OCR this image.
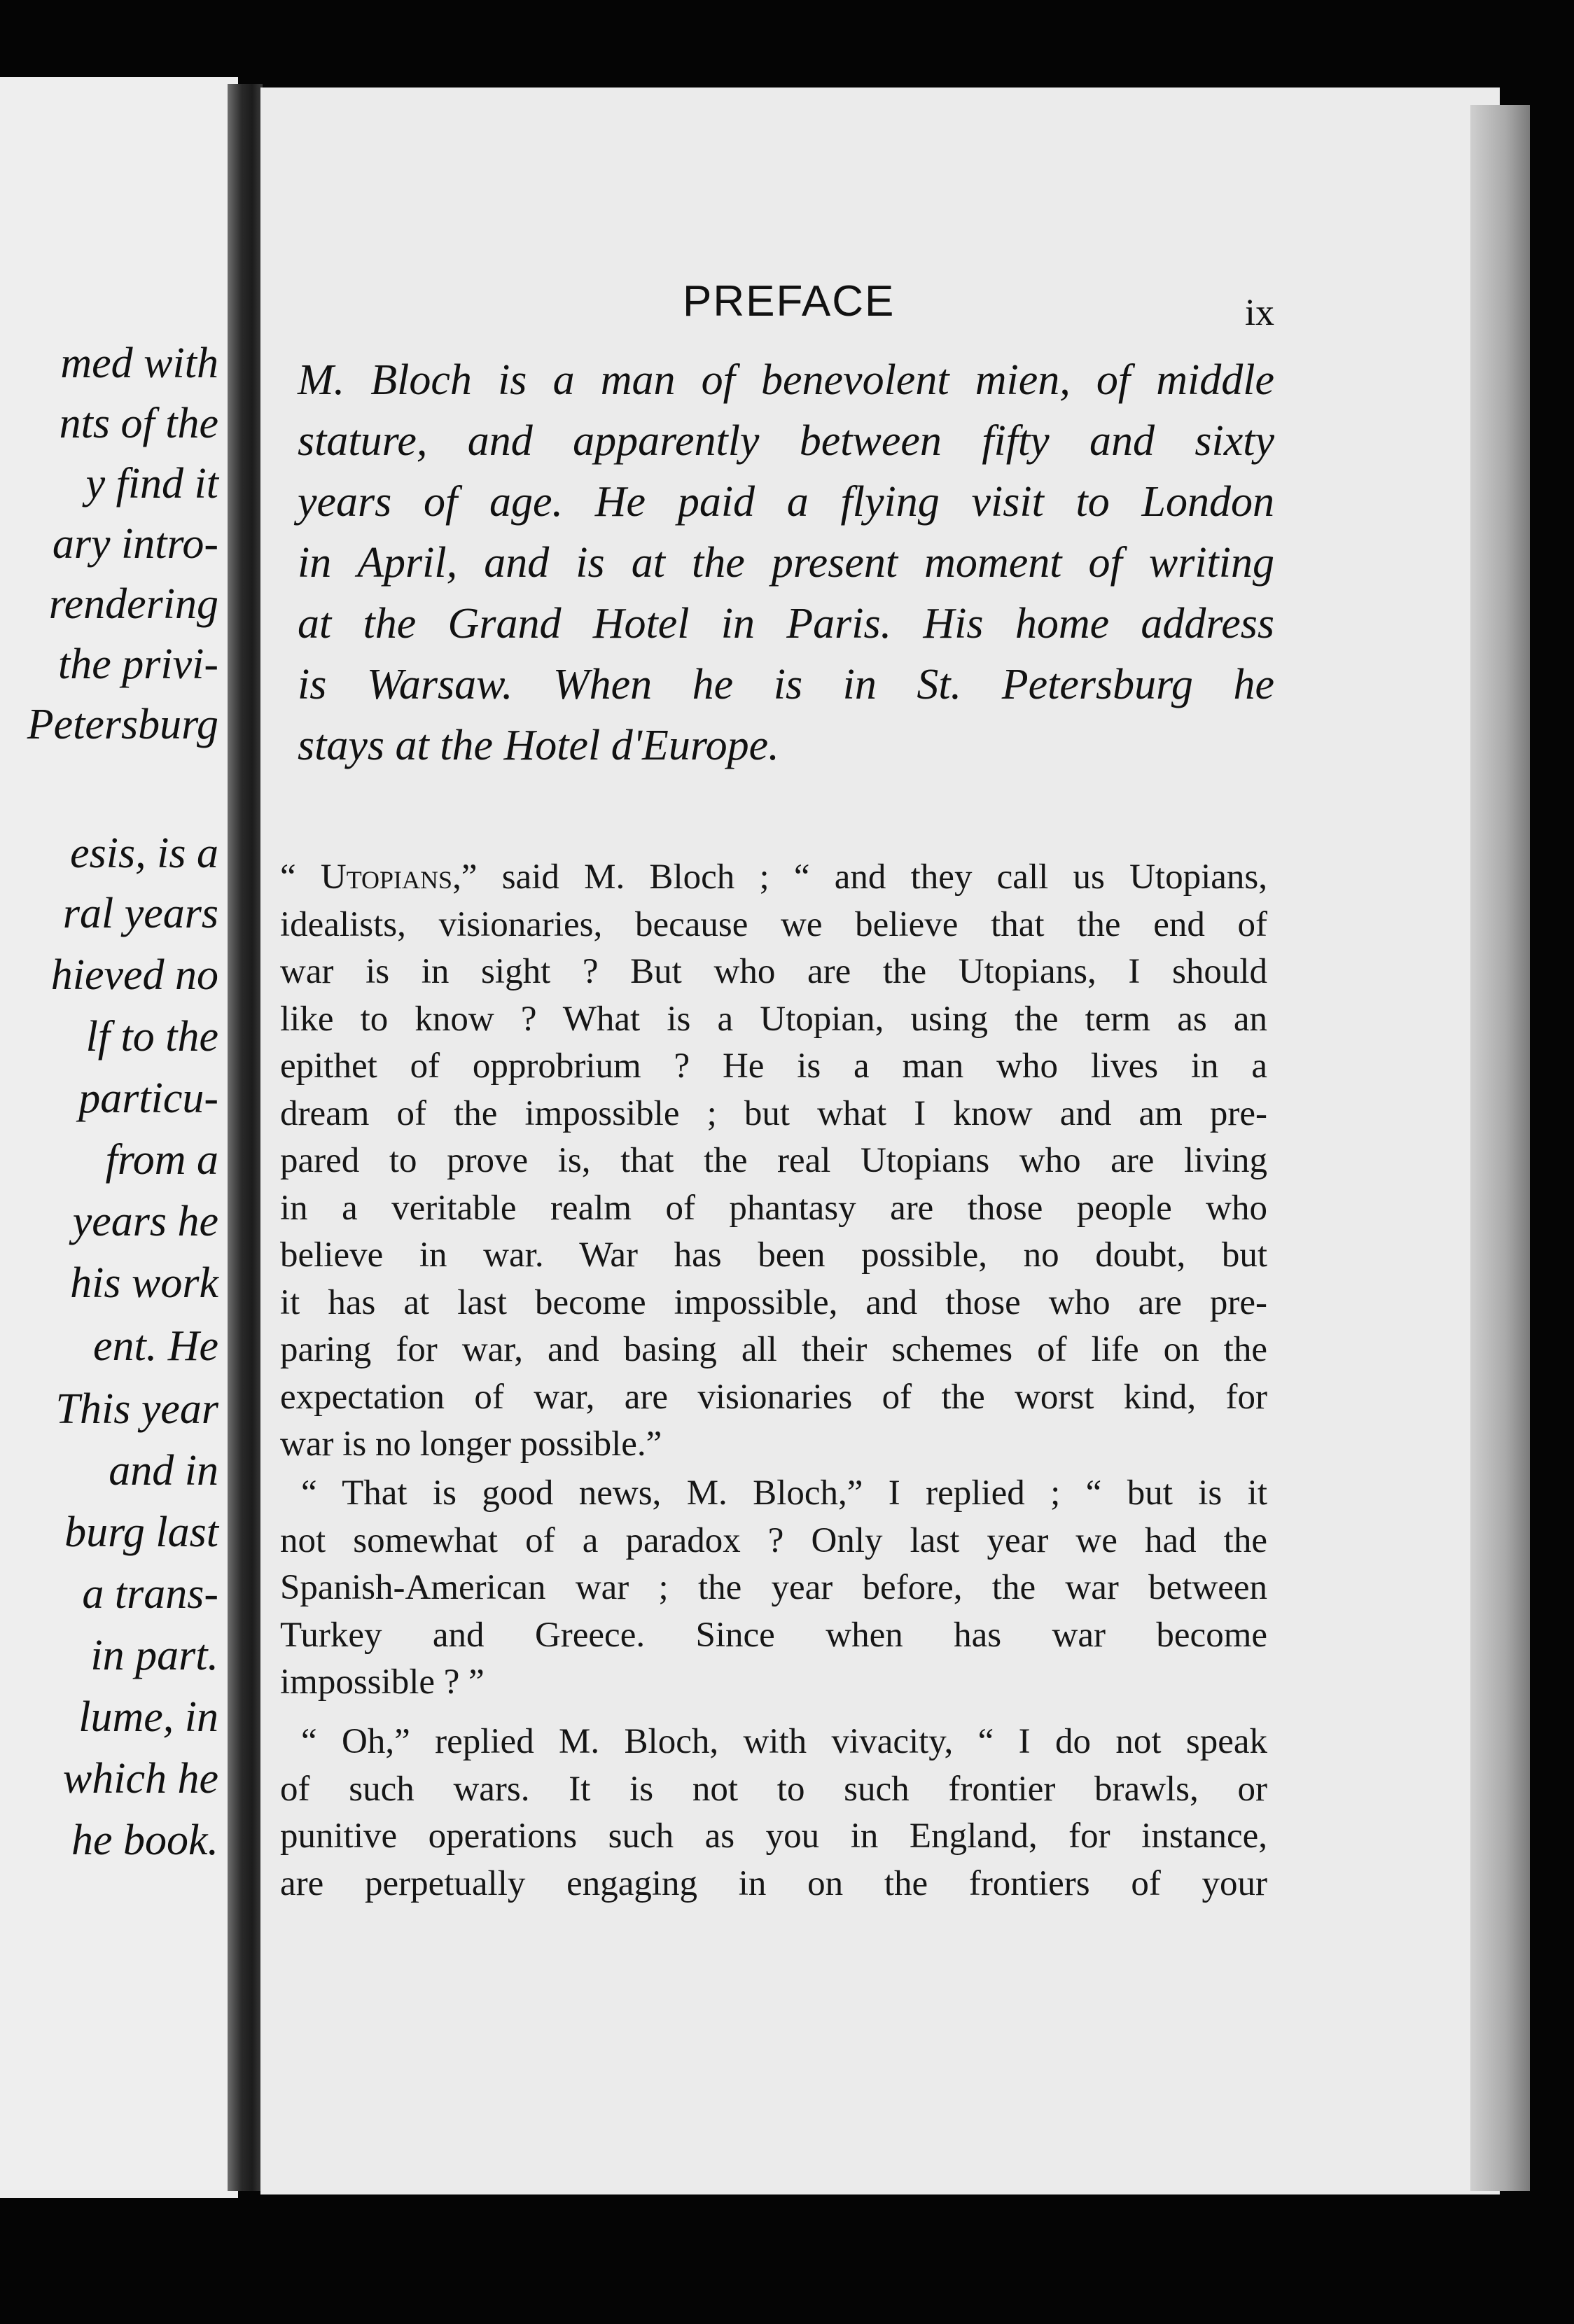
med with

nts of the

y find it

ary intro-

rendering

the privi-

Petersburg

esis, is a

ral years

hieved no

lf to the

particu-

from a

years he

his work

ent. He

This year

and in

burg last

a trans-

in part.

lume, in

which he

he book.

PREFACE	ix

M. Bloch is a man of benevolent mien, of middle
stature, and apparently between fifty and sixty
years of age. He paid a flying visit to London
in April, and is at the present moment of writing
at the Grand Hotel in Paris. His home address
is Warsaw. When he is in St. Petersburg he
stays at the Hotel d'Europe.
“ Utopians,” said M. Bloch ; “ and they call us Utopians,
idealists, visionaries, because we believe that the end of
war is in sight ? But who are the Utopians, I should
like to know ? What is a Utopian, using the term as an
epithet of opprobrium ? He is a man who lives in a
dream of the impossible ; but what I know and am pre-
pared to prove is, that the real Utopians who are living
in a veritable realm of phantasy are those people who
believe in war. War has been possible, no doubt, but
it has at last become impossible, and those who are pre-
paring for war, and basing all their schemes of life on the
expectation of war, are visionaries of the worst kind, for
war is no longer possible.”
“ That is good news, M. Bloch,” I replied ; “ but is it
not somewhat of a paradox ? Only last year we had the
Spanish-American war ; the year before, the war between
Turkey and Greece. Since when has war become
impossible ? ”
“ Oh,” replied M. Bloch, with vivacity, “ I do not speak
of such wars. It is not to such frontier brawls, or
punitive operations such as you in England, for instance,
are perpetually engaging in on the frontiers of your
